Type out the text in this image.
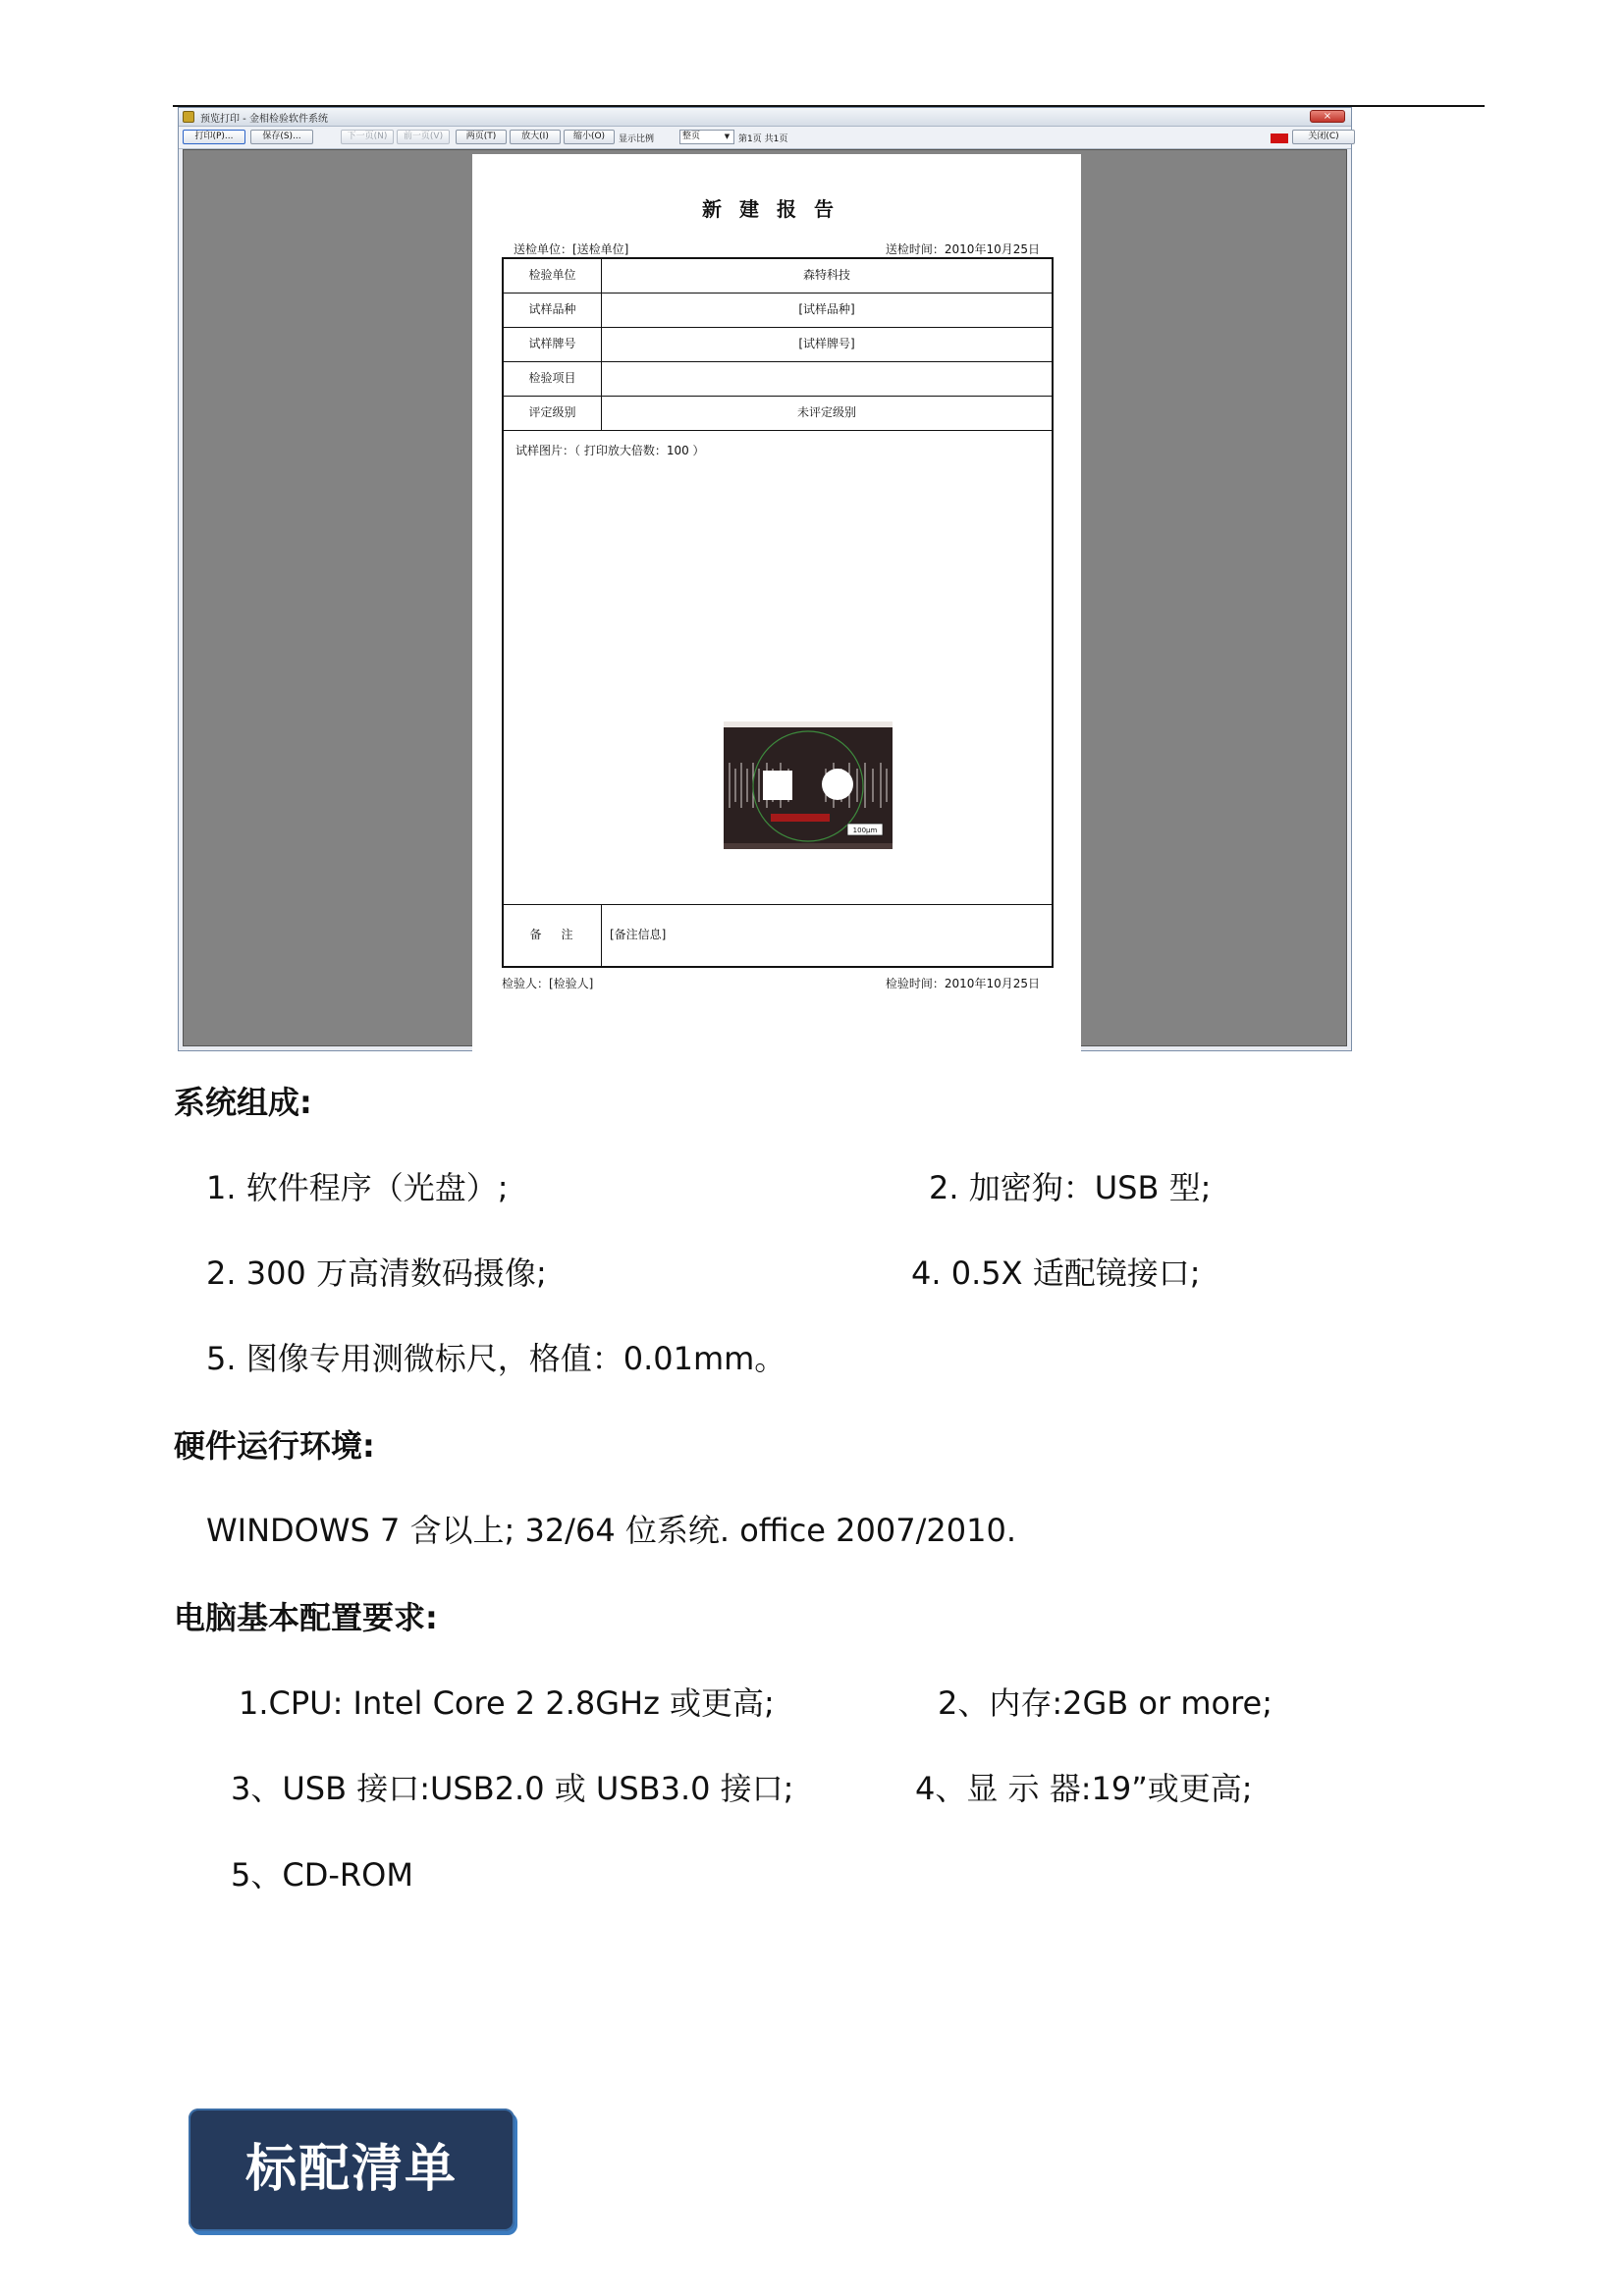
预览打印 - 金相检验软件系统	×
打印(P)...	保存(S)...	下一页(N)	前一页(V)	两页(T)	放大(I)	缩小(O)	显示比例	整页	▼ 第1页 共1页	关闭(C)
新建报告
送检单位：[送检单位]	送检时间：2010年10月25日
检验单位	森特科技
试样品种	[试样品种]
试样牌号	[试样牌号]
检验项目
评定级别	未评定级别
试样图片：（ 打印放大倍数：100 ）
100μm
备注	[备注信息]
检验人：[检验人]	检验时间：2010年10月25日
系统组成:
1. 软件程序（光盘）;	2. 加密狗：USB 型;
2. 300 万高清数码摄像;	4. 0.5X 适配镜接口;
5. 图像专用测微标尺，格值：0.01mm。
硬件运行环境:
WINDOWS 7 含以上; 32/64 位系统. office 2007/2010.
电脑基本配置要求:
1.CPU: Intel Core 2 2.8GHz 或更高;	2、内存:2GB or more;
3、USB 接口:USB2.0 或 USB3.0 接口;	4、显 示 器:19”或更高;
5、CD-ROM
标配清单
